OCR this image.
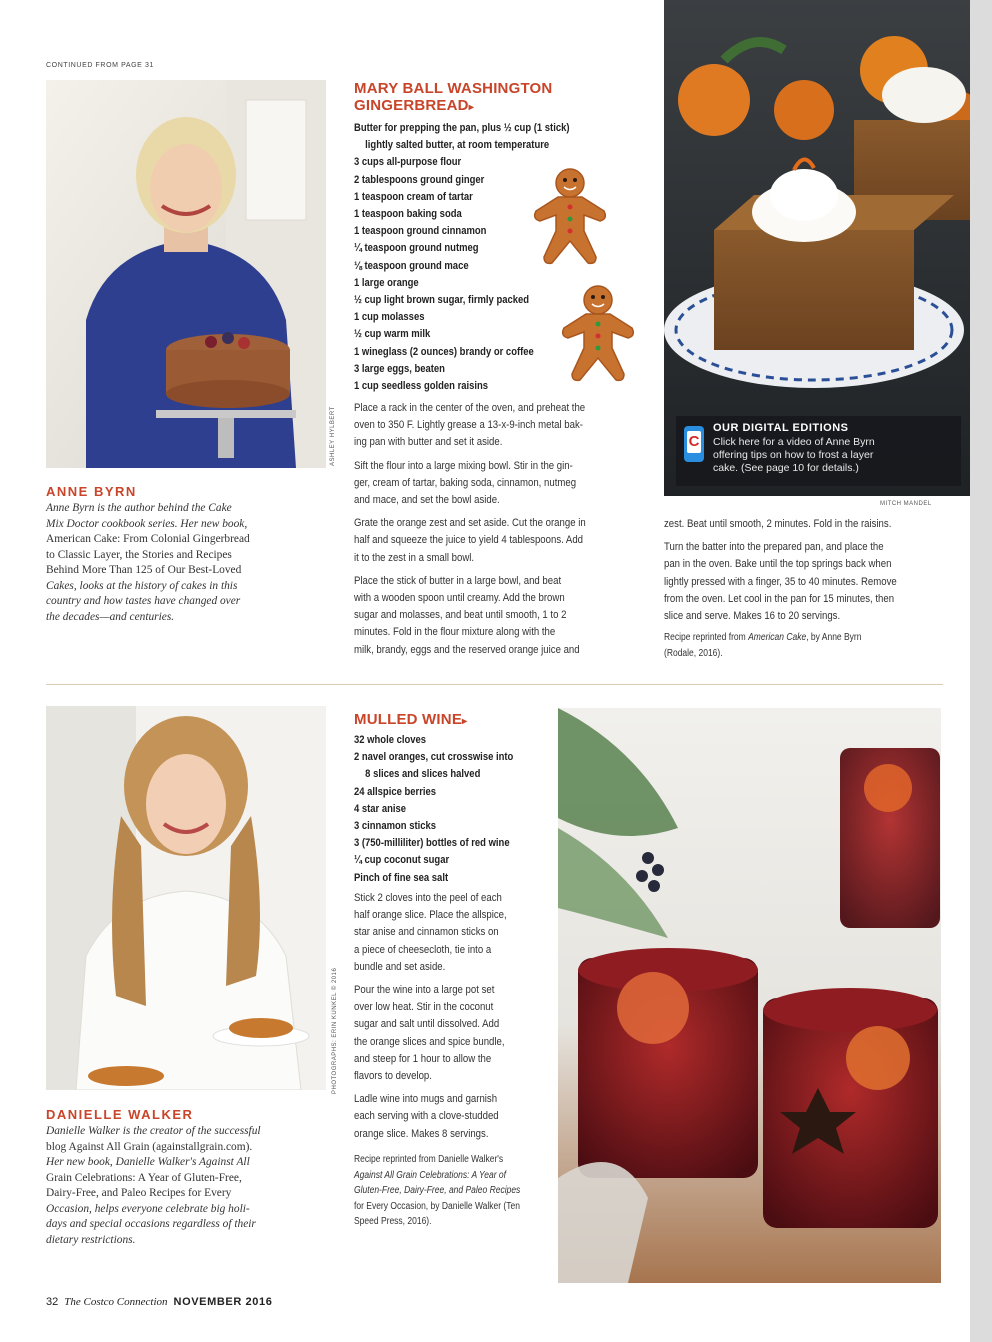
CONTINUED FROM PAGE 31
ASHLEY HYLBERT
ANNE BYRN
Anne Byrn is the author behind the Cake
Mix Doctor cookbook series. Her new book,
American Cake: From Colonial Gingerbread
to Classic Layer, the Stories and Recipes
Behind More Than 125 of Our Best-Loved
Cakes, looks at the history of cakes in this
country and how tastes have changed over
the decades—and centuries.
MARY BALL WASHINGTON
GINGERBREAD▸
Butter for prepping the pan, plus ½ cup (1 stick)
lightly salted butter, at room temperature
3 cups all-purpose flour
2 tablespoons ground ginger
1 teaspoon cream of tartar
1 teaspoon baking soda
1 teaspoon ground cinnamon
¼ teaspoon ground nutmeg
⅛ teaspoon ground mace
1 large orange
½ cup light brown sugar, firmly packed
1 cup molasses
½ cup warm milk
1 wineglass (2 ounces) brandy or coffee
3 large eggs, beaten
1 cup seedless golden raisins
Place a rack in the center of the oven, and preheat the
oven to 350 F. Lightly grease a 13-x-9-inch metal bak-
ing pan with butter and set it aside.
Sift the flour into a large mixing bowl. Stir in the gin-
ger, cream of tartar, baking soda, cinnamon, nutmeg
and mace, and set the bowl aside.
Grate the orange zest and set aside. Cut the orange in
half and squeeze the juice to yield 4 tablespoons. Add
it to the zest in a small bowl.
Place the stick of butter in a large bowl, and beat
with a wooden spoon until creamy. Add the brown
sugar and molasses, and beat until smooth, 1 to 2
minutes. Fold in the flour mixture along with the
milk, brandy, eggs and the reserved orange juice and
C
OUR DIGITAL EDITIONS
Click here for a video of Anne Byrn
offering tips on how to frost a layer
cake. (See page 10 for details.)
MITCH MANDEL
zest. Beat until smooth, 2 minutes. Fold in the raisins.
Turn the batter into the prepared pan, and place the
pan in the oven. Bake until the top springs back when
lightly pressed with a finger, 35 to 40 minutes. Remove
from the oven. Let cool in the pan for 15 minutes, then
slice and serve. Makes 16 to 20 servings.
Recipe reprinted from American Cake, by Anne Byrn
(Rodale, 2016).
PHOTOGRAPHS: ERIN KUNKEL © 2016
DANIELLE WALKER
Danielle Walker is the creator of the successful
blog Against All Grain (againstallgrain.com).
Her new book, Danielle Walker's Against All
Grain Celebrations: A Year of Gluten-Free,
Dairy-Free, and Paleo Recipes for Every
Occasion, helps everyone celebrate big holi-
days and special occasions regardless of their
dietary restrictions.
MULLED WINE▸
32 whole cloves
2 navel oranges, cut crosswise into
8 slices and slices halved
24 allspice berries
4 star anise
3 cinnamon sticks
3 (750-milliliter) bottles of red wine
¼ cup coconut sugar
Pinch of fine sea salt
Stick 2 cloves into the peel of each
half orange slice. Place the allspice,
star anise and cinnamon sticks on
a piece of cheesecloth, tie into a
bundle and set aside.
Pour the wine into a large pot set
over low heat. Stir in the coconut
sugar and salt until dissolved. Add
the orange slices and spice bundle,
and steep for 1 hour to allow the
flavors to develop.
Ladle wine into mugs and garnish
each serving with a clove-studded
orange slice. Makes 8 servings.
Recipe reprinted from Danielle Walker's
Against All Grain Celebrations: A Year of
Gluten-Free, Dairy-Free, and Paleo Recipes
for Every Occasion, by Danielle Walker (Ten
Speed Press, 2016).
32 The Costco Connection NOVEMBER 2016
